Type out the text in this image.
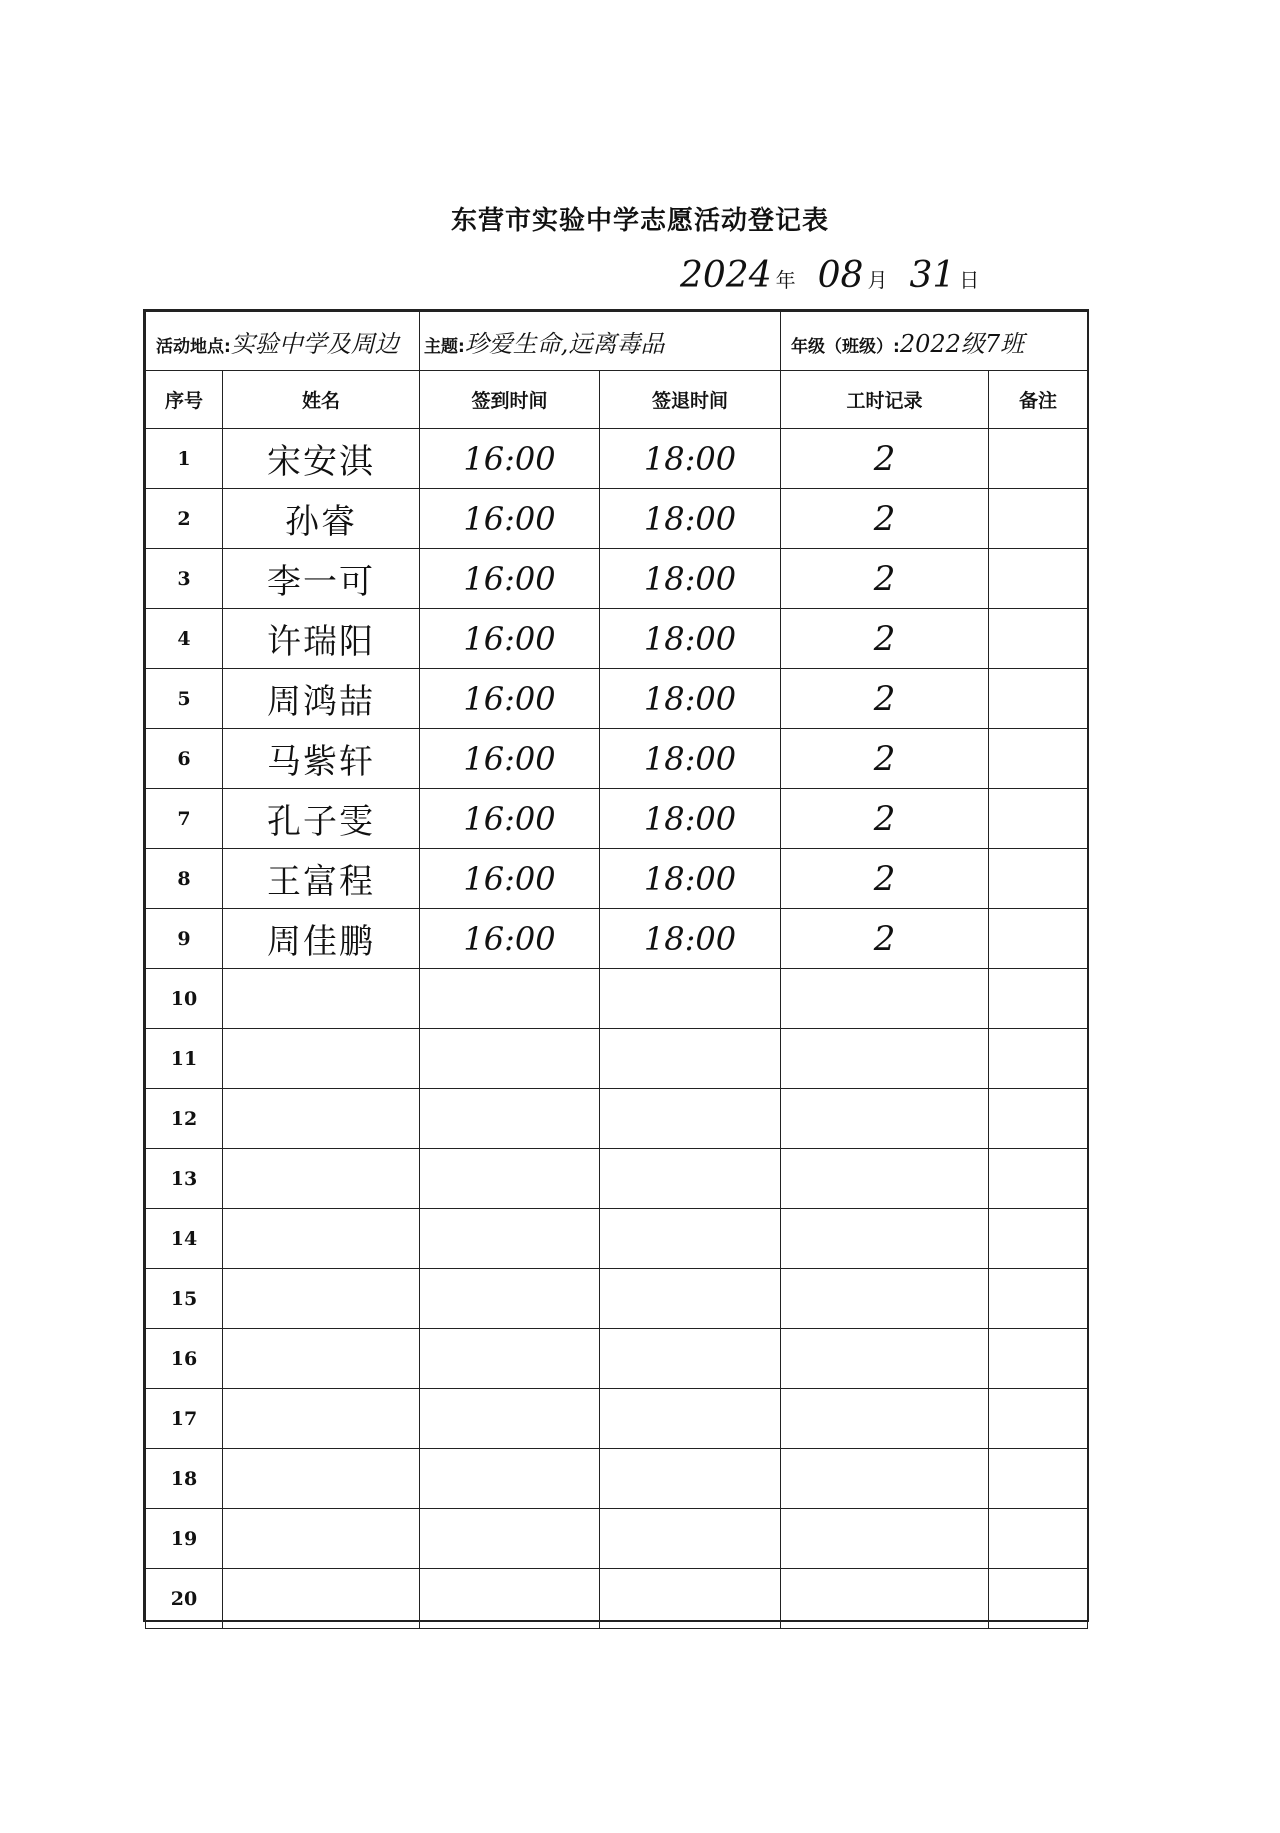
东营市实验中学志愿活动登记表
2024 年 08 月 31 日
活动地点:实验中学及周边		主题:珍爱生命,远离毒品		年级（班级）:2022级7班	
序号	姓名	签到时间	签退时间	工时记录	备注
1	宋安淇	16:00	18:00	2	
2	孙睿	16:00	18:00	2	
3	李一可	16:00	18:00	2	
4	许瑞阳	16:00	18:00	2	
5	周鸿喆	16:00	18:00	2	
6	马紫轩	16:00	18:00	2	
7	孔子雯	16:00	18:00	2	
8	王富程	16:00	18:00	2	
9	周佳鹏	16:00	18:00	2	
10					
11					
12					
13					
14					
15					
16					
17					
18					
19					
20					
